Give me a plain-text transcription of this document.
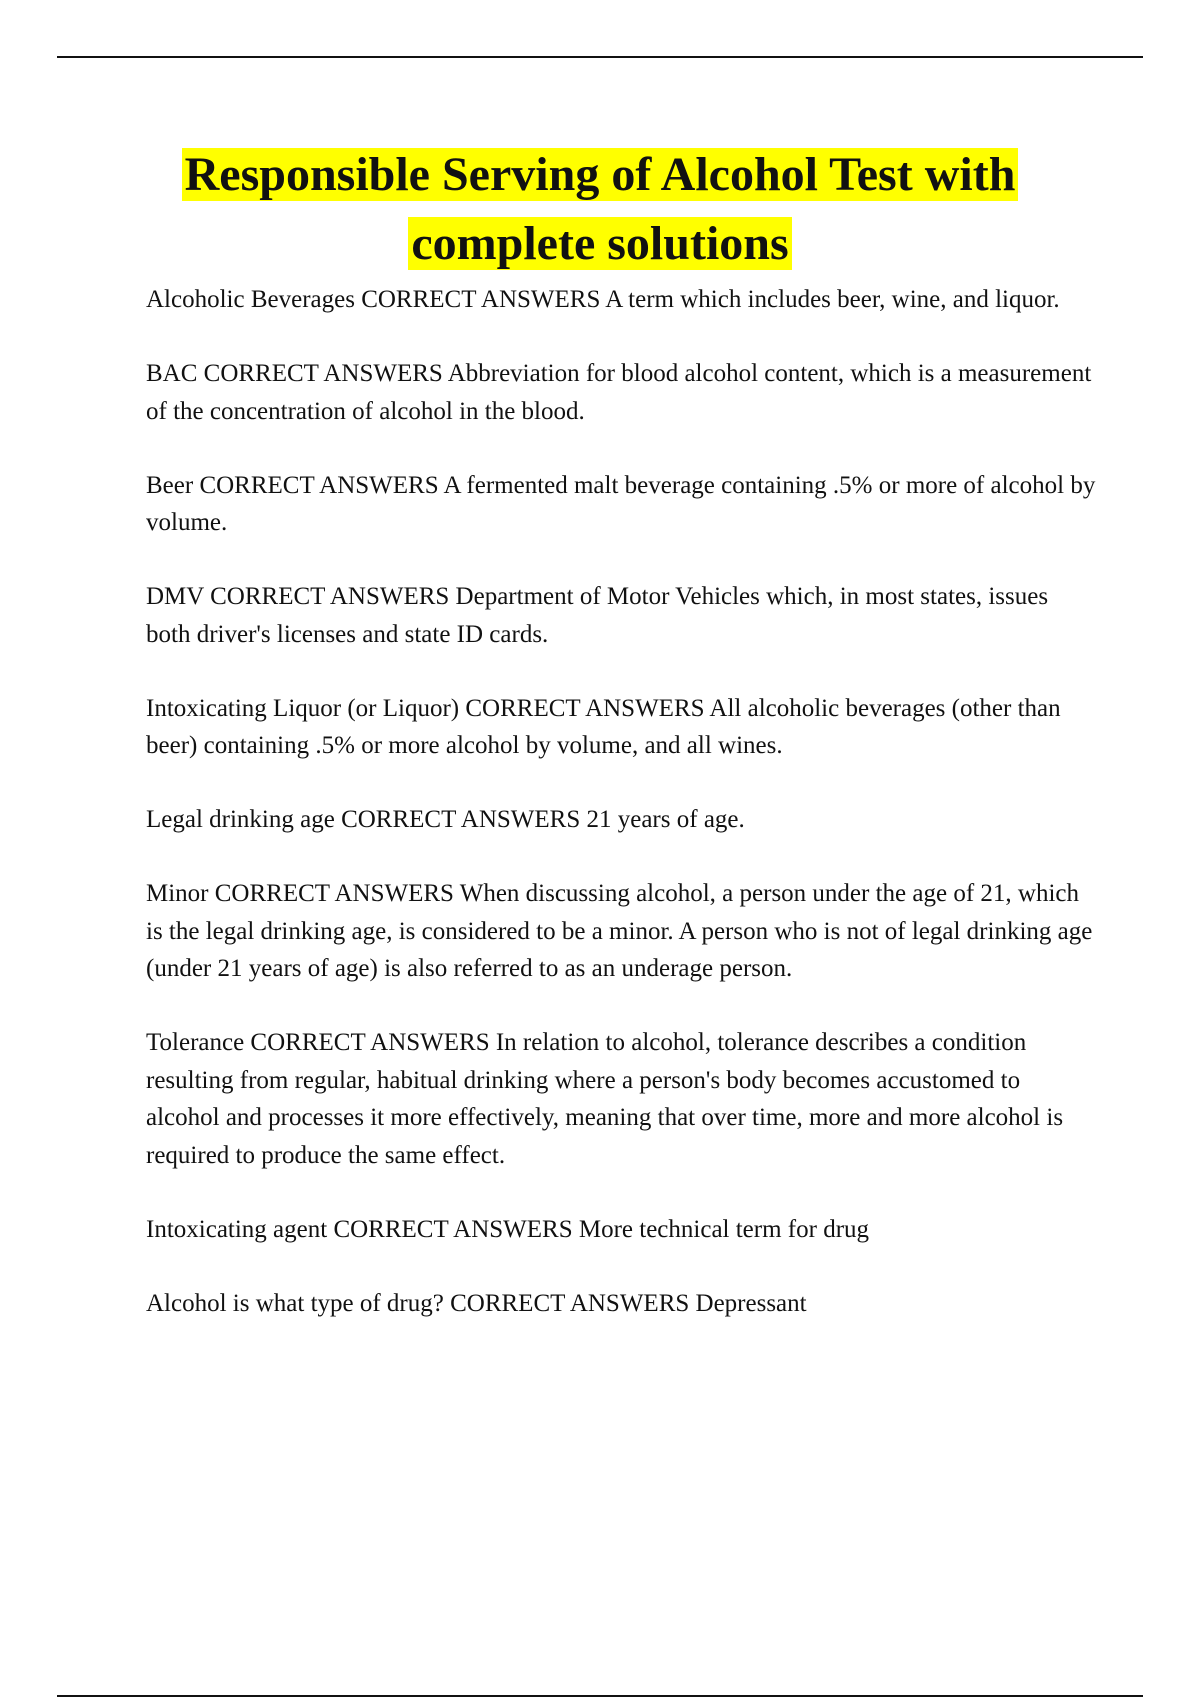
Responsible Serving of Alcohol Test with
complete solutions

Alcoholic Beverages CORRECT ANSWERS A term which includes beer, wine, and liquor.

BAC CORRECT ANSWERS Abbreviation for blood alcohol content, which is a measurement of the concentration of alcohol in the blood.

Beer CORRECT ANSWERS A fermented malt beverage containing .5% or more of alcohol by volume.

DMV CORRECT ANSWERS Department of Motor Vehicles which, in most states, issues both driver's licenses and state ID cards.

Intoxicating Liquor (or Liquor) CORRECT ANSWERS All alcoholic beverages (other than beer) containing .5% or more alcohol by volume, and all wines.

Legal drinking age CORRECT ANSWERS 21 years of age.

Minor CORRECT ANSWERS When discussing alcohol, a person under the age of 21, which is the legal drinking age, is considered to be a minor. A person who is not of legal drinking age (under 21 years of age) is also referred to as an underage person.

Tolerance CORRECT ANSWERS In relation to alcohol, tolerance describes a condition resulting from regular, habitual drinking where a person's body becomes accustomed to alcohol and processes it more effectively, meaning that over time, more and more alcohol is required to produce the same effect.

Intoxicating agent CORRECT ANSWERS More technical term for drug

Alcohol is what type of drug? CORRECT ANSWERS Depressant
